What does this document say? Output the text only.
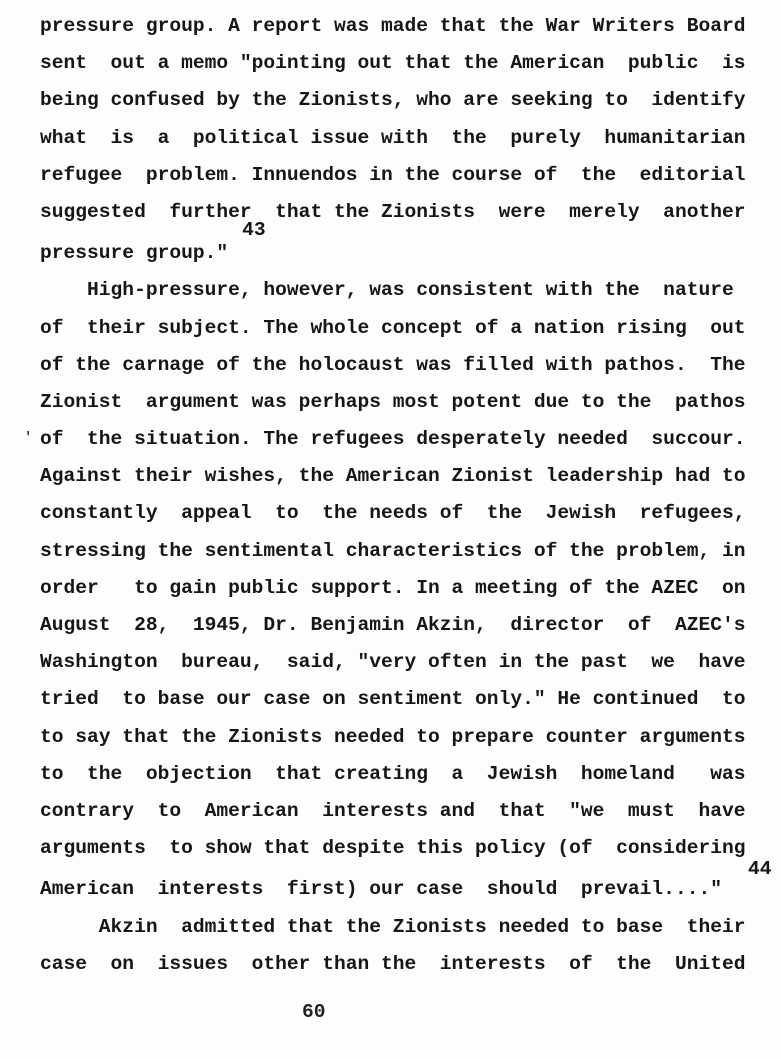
'
pressure group. A report was made that the War Writers Board
sent  out a memo "pointing out that the American  public  is
being confused by the Zionists, who are seeking to  identify
what  is  a  political issue with  the  purely  humanitarian
refugee  problem. Innuendos in the course of  the  editorial
suggested  further  that the Zionists  were  merely  another
pressure group."43
High-pressure, however, was consistent with the  nature
of  their subject. The whole concept of a nation rising  out
of the carnage of the holocaust was filled with pathos.  The
Zionist  argument was perhaps most potent due to the  pathos
of  the situation. The refugees desperately needed  succour.
Against their wishes, the American Zionist leadership had to
constantly  appeal  to  the needs of  the  Jewish  refugees,
stressing the sentimental characteristics of the problem, in
order   to gain public support. In a meeting of the AZEC  on
August  28,  1945, Dr. Benjamin Akzin,  director  of  AZEC's
Washington  bureau,  said, "very often in the past  we  have
tried  to base our case on sentiment only." He continued  to
to say that the Zionists needed to prepare counter arguments
to  the  objection  that creating  a  Jewish  homeland   was
contrary  to  American  interests and  that  "we  must  have
arguments  to show that despite this policy (of  considering
American  interests  first) our case  should  prevail...."44
Akzin  admitted that the Zionists needed to base  their
case  on  issues  other than the  interests  of  the  United
60
